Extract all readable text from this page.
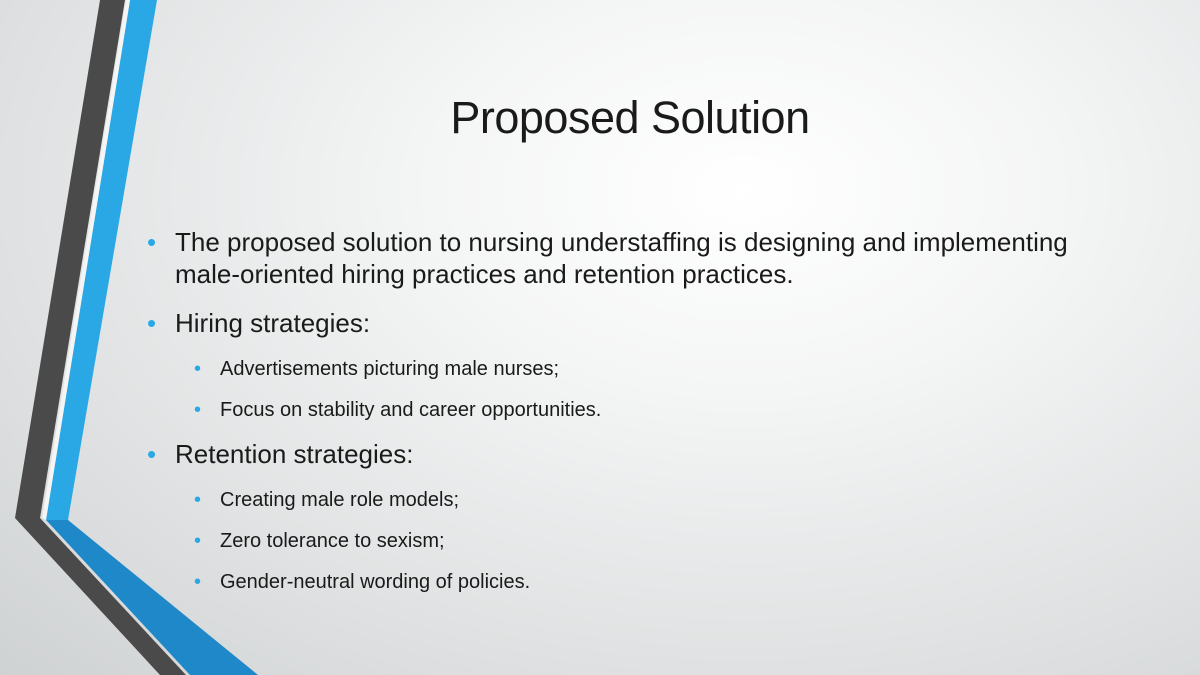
Proposed Solution
• The proposed solution to nursing understaffing is designing and implementing male-oriented hiring practices and retention practices.
• Hiring strategies:
• Advertisements picturing male nurses;
• Focus on stability and career opportunities.
• Retention strategies:
• Creating male role models;
• Zero tolerance to sexism;
• Gender-neutral wording of policies.
